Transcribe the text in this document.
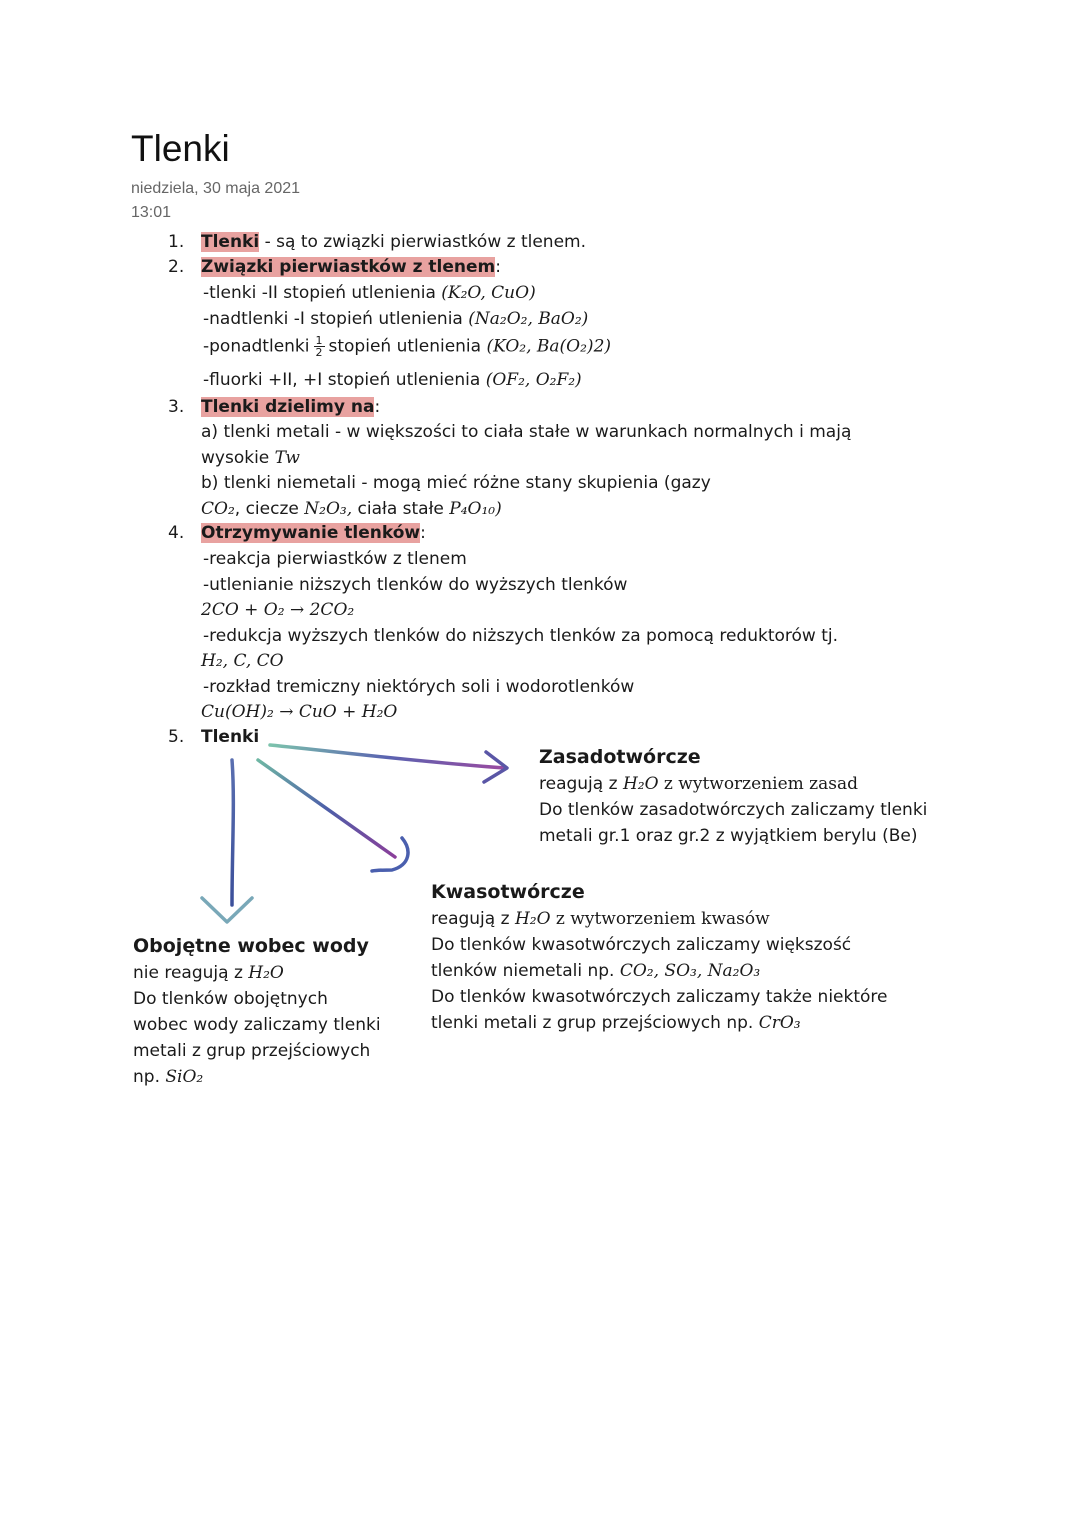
Tlenki
niedziela, 30 maja 2021
13:01
1. Tlenki - są to związki pierwiastków z tlenem.
2. Związki pierwiastków z tlenem:
-tlenki -II stopień utlenienia (K₂O, CuO)
-nadtlenki -I stopień utlenienia (Na₂O₂, BaO₂)
-ponadtlenki $\frac{1}{2}$ stopień utlenienia (KO₂, Ba(O₂)2)
-fluorki +II, +I stopień utlenienia (OF₂, O₂F₂)
3. Tlenki dzielimy na:
a) tlenki metali - w większości to ciała stałe w warunkach normalnych i mają
wysokie Tw
b) tlenki niemetali - mogą mieć różne stany skupienia (gazy
CO₂, ciecze N₂O₃, ciała stałe P₄O₁₀)
4. Otrzymywanie tlenków:
-reakcja pierwiastków z tlenem
-utlenianie niższych tlenków do wyższych tlenków
2CO + O₂ → 2CO₂
-redukcja wyższych tlenków do niższych tlenków za pomocą reduktorów tj.
H₂, C, CO
-rozkład tremiczny niektórych soli i wodorotlenków
Cu(OH)₂ → CuO + H₂O
5. Tlenki
Zasadotwórcze
reagują z H₂O z wytworzeniem zasad
Do tlenków zasadotwórczych zaliczamy tlenki
metali gr.1 oraz gr.2 z wyjątkiem berylu (Be)
Kwasotwórcze
reagują z H₂O z wytworzeniem kwasów
Do tlenków kwasotwórczych zaliczamy większość
tlenków niemetali np. CO₂, SO₃, Na₂O₃
Do tlenków kwasotwórczych zaliczamy także niektóre
tlenki metali z grup przejściowych np. CrO₃
Obojętne wobec wody
nie reagują z H₂O
Do tlenków obojętnych
wobec wody zaliczamy tlenki
metali z grup przejściowych
np. SiO₂
